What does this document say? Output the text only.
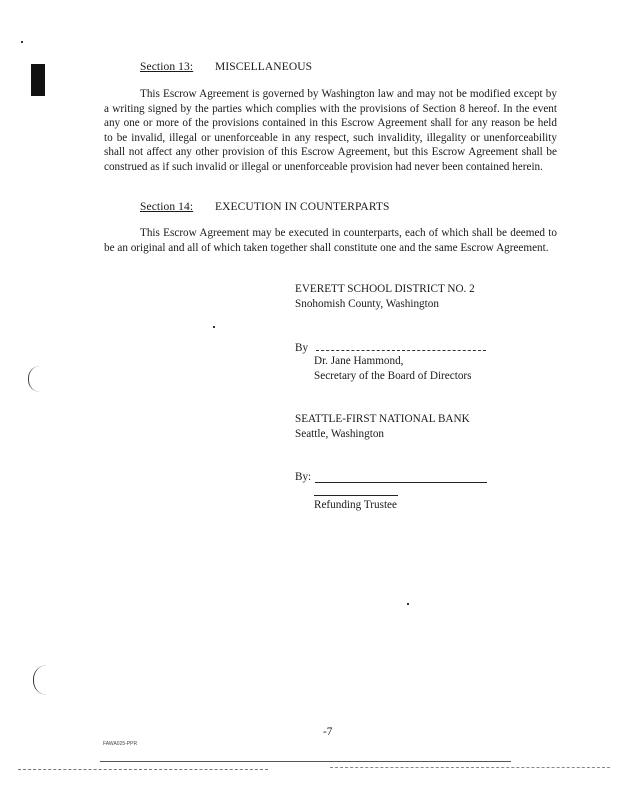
Section 13: MISCELLANEOUS
This Escrow Agreement is governed by Washington law and may not be modified except by a writing signed by the parties which complies with the provisions of Section 8 hereof. In the event any one or more of the provisions contained in this Escrow Agreement shall for any reason be held to be invalid, illegal or unenforceable in any respect, such invalidity, illegality or unenforceability shall not affect any other provision of this Escrow Agreement, but this Escrow Agreement shall be construed as if such invalid or illegal or unenforceable provision had never been contained herein.
Section 14: EXECUTION IN COUNTERPARTS
This Escrow Agreement may be executed in counterparts, each of which shall be deemed to be an original and all of which taken together shall constitute one and the same Escrow Agreement.
EVERETT SCHOOL DISTRICT NO. 2
Snohomish County, Washington
By
Dr. Jane Hammond,
Secretary of the Board of Directors
SEATTLE-FIRST NATIONAL BANK
Seattle, Washington
By:
Refunding Trustee
-7
FAWA025-PPR
